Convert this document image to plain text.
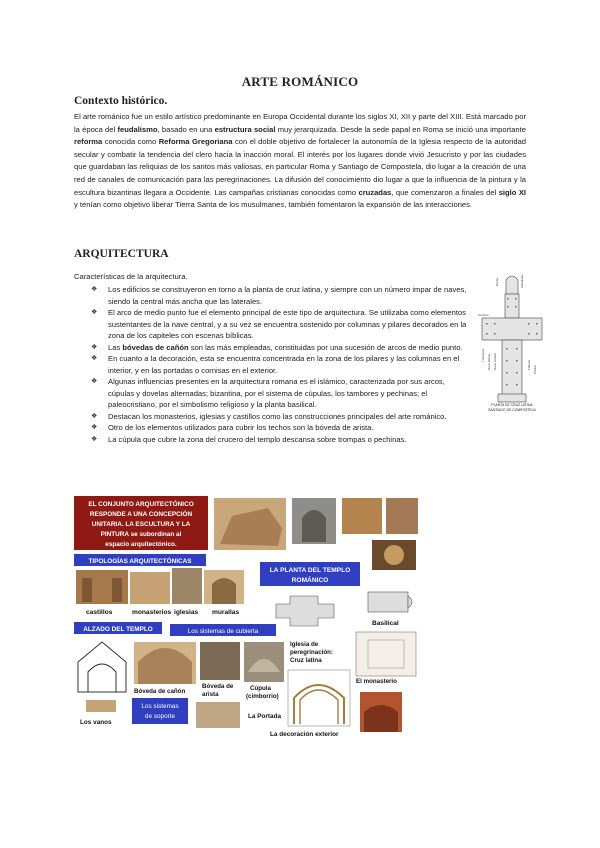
ARTE ROMÁNICO
Contexto histórico.
El arte románico fue un estilo artístico predominante en Europa Occidental durante los siglos XI, XII y parte del XIII. Está marcado por la época del feudalismo, basado en una estructura social muy jerarquizada. Desde la sede papal en Roma se inició una importante reforma conocida como Reforma Gregoriana con el doble objetivo de fortalecer la autonomía de la Iglesia respecto de la autoridad secular y combatir la tendencia del clero hacia la inacción moral. El interés por los lugares donde vivió Jesucristo y por las ciudades que guardaban las reliquias de los santos más valiosas, en particular Roma y Santiago de Compostela, dio lugar a la creación de una red de canales de comunicación para las peregrinaciones. La difusión del conocimiento dio lugar a que la influencia de la pintura y la escultura bizantinas llegara a Occidente. Las campañas cristianas conocidas como cruzadas, que comenzaron a finales del siglo XI y tenían como objetivo liberar Tierra Santa de los musulmanes, también fomentaron la expansión de las interacciones.
ARQUITECTURA
Características de la arquitectura.
❖ Los edificios se construyeron en torno a la planta de cruz latina, y siempre con un número impar de naves, siendo la central más ancha que las laterales.
❖ El arco de medio punto fue el elemento principal de este tipo de arquitectura. Se utilizaba como elementos sustentantes de la nave central, y a su vez se encuentra sostenido por columnas y pilares decorados en la zona de los capiteles con escenas bíblicas.
❖ Las bóvedas de cañón son las más empleadas, constituidas por una sucesión de arcos de medio punto.
❖ En cuanto a la decoración, esta se encuentra concentrada en la zona de los pilares y las columnas en el interior, y en las portadas o cornisas en el exterior.
❖ Algunas influencias presentes en la arquitectura romana es el islámico, caracterizada por sus arcos, cúpulas y dovelas alternadas; bizantina, por el sistema de cúpulas, los tambores y pechinas; el paleocristiano, por el simbolismo religioso y la planta basilical.
❖ Destacan los monasterios, iglesias y castillos como las construcciones principales del arte románico.
❖ Otro de los elementos utilizados para cubrir los techos son la bóveda de arista.
❖ La cúpula que cubre la zona del crucero del templo descansa sobre trompas o pechinas.
Girola	Absidiolos
Crucero
Transepto Nave lateral Nave central	Tribuna Pórtico
PLANTA DE CRUZ LATINA
SANTIAGO DE COMPOSTELA
EL CONJUNTO ARQUITECTÓNICO
RESPONDE A UNA CONCEPCIÓN
UNITARIA. LA ESCULTURA Y LA
PINTURA se subordinan al
espacio arquitectónico.
TIPOLOGÍAS ARQUITECTÓNICAS
castillos	monasterios iglesias murallas
LA PLANTA DEL TEMPLO
ROMÁNICO
Basilical
ALZADO DEL TEMPLO	Los sistemas de cubierta
Iglesia de
peregrinación:
Cruz latina
Bóveda de cañón
Bóveda de
arista
Cúpula
(cimborrio)
El monasterio
Los vanos
Los sistemas
de soporte	La Portada
La decoración exterior
